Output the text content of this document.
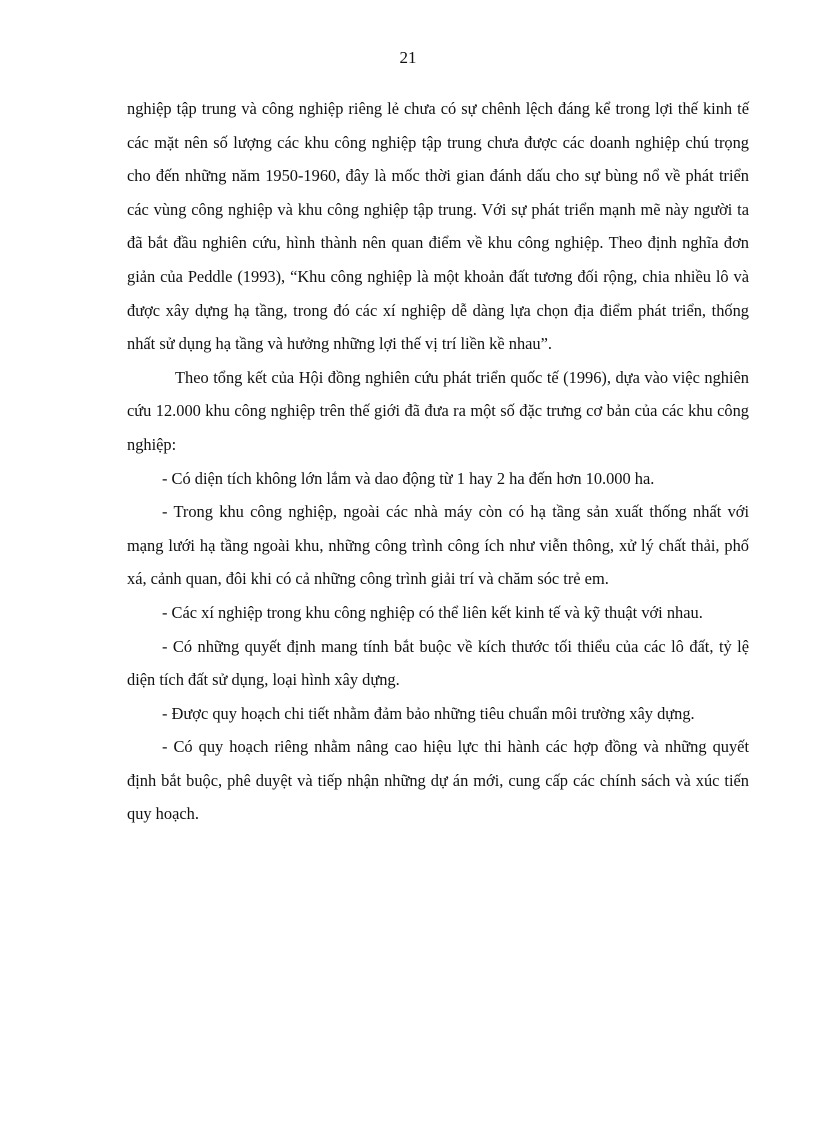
21

nghiệp tập trung và công nghiệp riêng lẻ chưa có sự chênh lệch đáng kể trong lợi thế kinh tế các mặt nên số lượng các khu công nghiệp tập trung chưa được các doanh nghiệp chú trọng cho đến những năm 1950-1960, đây là mốc thời gian đánh dấu cho sự bùng nổ về phát triển các vùng công nghiệp và khu công nghiệp tập trung. Với sự phát triển mạnh mẽ này người ta đã bắt đầu nghiên cứu, hình thành nên quan điểm về khu công nghiệp. Theo định nghĩa đơn giản của Peddle (1993), “Khu công nghiệp là một khoản đất tương đối rộng, chia nhiều lô và được xây dựng hạ tầng, trong đó các xí nghiệp dễ dàng lựa chọn địa điểm phát triển, thống nhất sử dụng hạ tầng và hưởng những lợi thế vị trí liền kề nhau”.

Theo tổng kết của Hội đồng nghiên cứu phát triển quốc tế (1996), dựa vào việc nghiên cứu 12.000 khu công nghiệp trên thế giới đã đưa ra một số đặc trưng cơ bản của các khu công nghiệp:

- Có diện tích không lớn lắm và dao động từ 1 hay 2 ha đến hơn 10.000 ha.

- Trong khu công nghiệp, ngoài các nhà máy còn có hạ tầng sản xuất thống nhất với mạng lưới hạ tầng ngoài khu, những công trình công ích như viễn thông, xử lý chất thải, phố xá, cảnh quan, đôi khi có cả những công trình giải trí và chăm sóc trẻ em.

- Các xí nghiệp trong khu công nghiệp có thể liên kết kinh tế và kỹ thuật với nhau.

- Có những quyết định mang tính bắt buộc về kích thước tối thiểu của các lô đất, tỷ lệ diện tích đất sử dụng, loại hình xây dựng.

- Được quy hoạch chi tiết nhằm đảm bảo những tiêu chuẩn môi trường xây dựng.

- Có quy hoạch riêng nhằm nâng cao hiệu lực thi hành các hợp đồng và những quyết định bắt buộc, phê duyệt và tiếp nhận những dự án mới, cung cấp các chính sách và xúc tiến quy hoạch.
